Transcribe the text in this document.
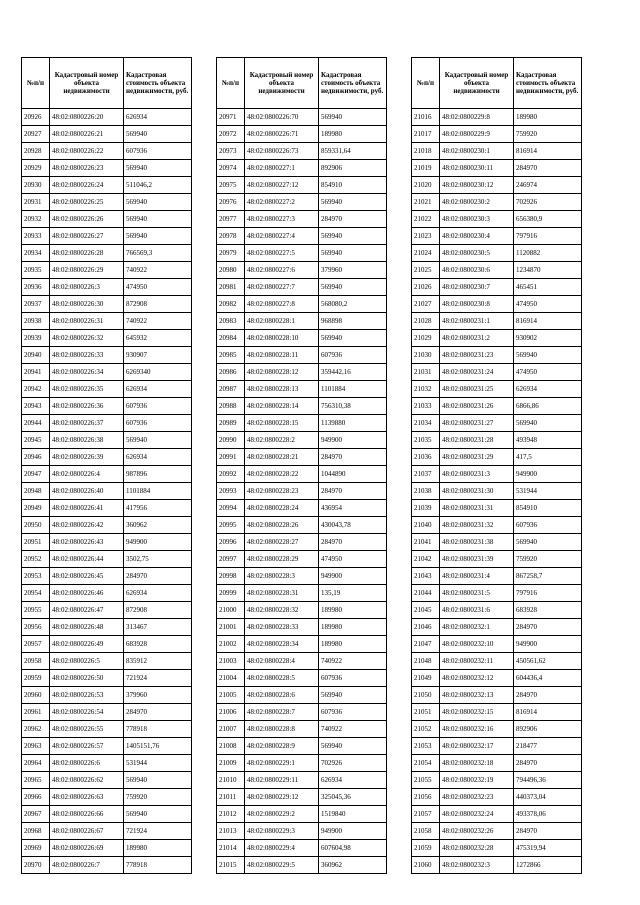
№п/п	Кадастровый номер объекта недвижимости	Кадастровая стоимость объекта недвижимости, руб.
20926	48:02:0800226:20	626934
20927	48:02:0800226:21	569940
20928	48:02:0800226:22	607936
20929	48:02:0800226:23	569940
20930	48:02:0800226:24	511046,2
20931	48:02:0800226:25	569940
20932	48:02:0800226:26	569940
20933	48:02:0800226:27	569940
20934	48:02:0800226:28	766569,3
20935	48:02:0800226:29	740922
20936	48:02:0800226:3	474950
20937	48:02:0800226:30	872908
20938	48:02:0800226:31	740922
20939	48:02:0800226:32	645932
20940	48:02:0800226:33	930907
20941	48:02:0800226:34	6269340
20942	48:02:0800226:35	626934
20943	48:02:0800226:36	607936
20944	48:02:0800226:37	607936
20945	48:02:0800226:38	569940
20946	48:02:0800226:39	626934
20947	48:02:0800226:4	987896
20948	48:02:0800226:40	1101884
20949	48:02:0800226:41	417956
20950	48:02:0800226:42	360962
20951	48:02:0800226:43	949900
20952	48:02:0800226:44	3502,75
20953	48:02:0800226:45	284970
20954	48:02:0800226:46	626934
20955	48:02:0800226:47	872908
20956	48:02:0800226:48	313467
20957	48:02:0800226:49	683928
20958	48:02:0800226:5	835912
20959	48:02:0800226:50	721924
20960	48:02:0800226:53	379960
20961	48:02:0800226:54	284970
20962	48:02:0800226:55	778918
20963	48:02:0800226:57	1405151,76
20964	48:02:0800226:6	531944
20965	48:02:0800226:62	569940
20966	48:02:0800226:63	759920
20967	48:02:0800226:66	569940
20968	48:02:0800226:67	721924
20969	48:02:0800226:69	189980
20970	48:02:0800226:7	778918
№п/п	Кадастровый номер объекта недвижимости	Кадастровая стоимость объекта недвижимости, руб.
20971	48:02:0800226:70	569940
20972	48:02:0800226:71	189980
20973	48:02:0800226:73	859331,64
20974	48:02:0800227:1	892906
20975	48:02:0800227:12	854910
20976	48:02:0800227:2	569940
20977	48:02:0800227:3	284970
20978	48:02:0800227:4	569940
20979	48:02:0800227:5	569940
20980	48:02:0800227:6	379960
20981	48:02:0800227:7	569940
20982	48:02:0800227:8	568080,2
20983	48:02:0800228:1	968898
20984	48:02:0800228:10	569940
20985	48:02:0800228:11	607936
20986	48:02:0800228:12	359442,16
20987	48:02:0800228:13	1101884
20988	48:02:0800228:14	756310,38
20989	48:02:0800228:15	1139880
20990	48:02:0800228:2	949900
20991	48:02:0800228:21	284970
20992	48:02:0800228:22	1044890
20993	48:02:0800228:23	284970
20994	48:02:0800228:24	436954
20995	48:02:0800228:26	430043,78
20996	48:02:0800228:27	284970
20997	48:02:0800228:29	474950
20998	48:02:0800228:3	949900
20999	48:02:0800228:31	135,19
21000	48:02:0800228:32	189980
21001	48:02:0800228:33	189980
21002	48:02:0800228:34	189980
21003	48:02:0800228:4	740922
21004	48:02:0800228:5	607936
21005	48:02:0800228:6	569940
21006	48:02:0800228:7	607936
21007	48:02:0800228:8	740922
21008	48:02:0800228:9	569940
21009	48:02:0800229:1	702926
21010	48:02:0800229:11	626934
21011	48:02:0800229:12	325045,36
21012	48:02:0800229:2	1519840
21013	48:02:0800229:3	949900
21014	48:02:0800229:4	607604,98
21015	48:02:0800229:5	360962
№п/п	Кадастровый номер объекта недвижимости	Кадастровая стоимость объекта недвижимости, руб.
21016	48:02:0800229:8	189980
21017	48:02:0800229:9	759920
21018	48:02:0800230:1	816914
21019	48:02:0800230:11	284970
21020	48:02:0800230:12	246974
21021	48:02:0800230:2	702926
21022	48:02:0800230:3	656380,9
21023	48:02:0800230:4	797916
21024	48:02:0800230:5	1120882
21025	48:02:0800230:6	1234870
21026	48:02:0800230:7	465451
21027	48:02:0800230:8	474950
21028	48:02:0800231:1	816914
21029	48:02:0800231:2	930902
21030	48:02:0800231:23	569940
21031	48:02:0800231:24	474950
21032	48:02:0800231:25	626934
21033	48:02:0800231:26	6866,86
21034	48:02:0800231:27	569940
21035	48:02:0800231:28	493948
21036	48:02:0800231:29	417,5
21037	48:02:0800231:3	949900
21038	48:02:0800231:30	531944
21039	48:02:0800231:31	854910
21040	48:02:0800231:32	607936
21041	48:02:0800231:38	569940
21042	48:02:0800231:39	759920
21043	48:02:0800231:4	867258,7
21044	48:02:0800231:5	797916
21045	48:02:0800231:6	683928
21046	48:02:0800232:1	284970
21047	48:02:0800232:10	949900
21048	48:02:0800232:11	450561,62
21049	48:02:0800232:12	604436,4
21050	48:02:0800232:13	284970
21051	48:02:0800232:15	816914
21052	48:02:0800232:16	892906
21053	48:02:0800232:17	218477
21054	48:02:0800232:18	284970
21055	48:02:0800232:19	794496,36
21056	48:02:0800232:23	440373,04
21057	48:02:0800232:24	493378,06
21058	48:02:0800232:26	284970
21059	48:02:0800232:28	475319,94
21060	48:02:0800232:3	1272866
